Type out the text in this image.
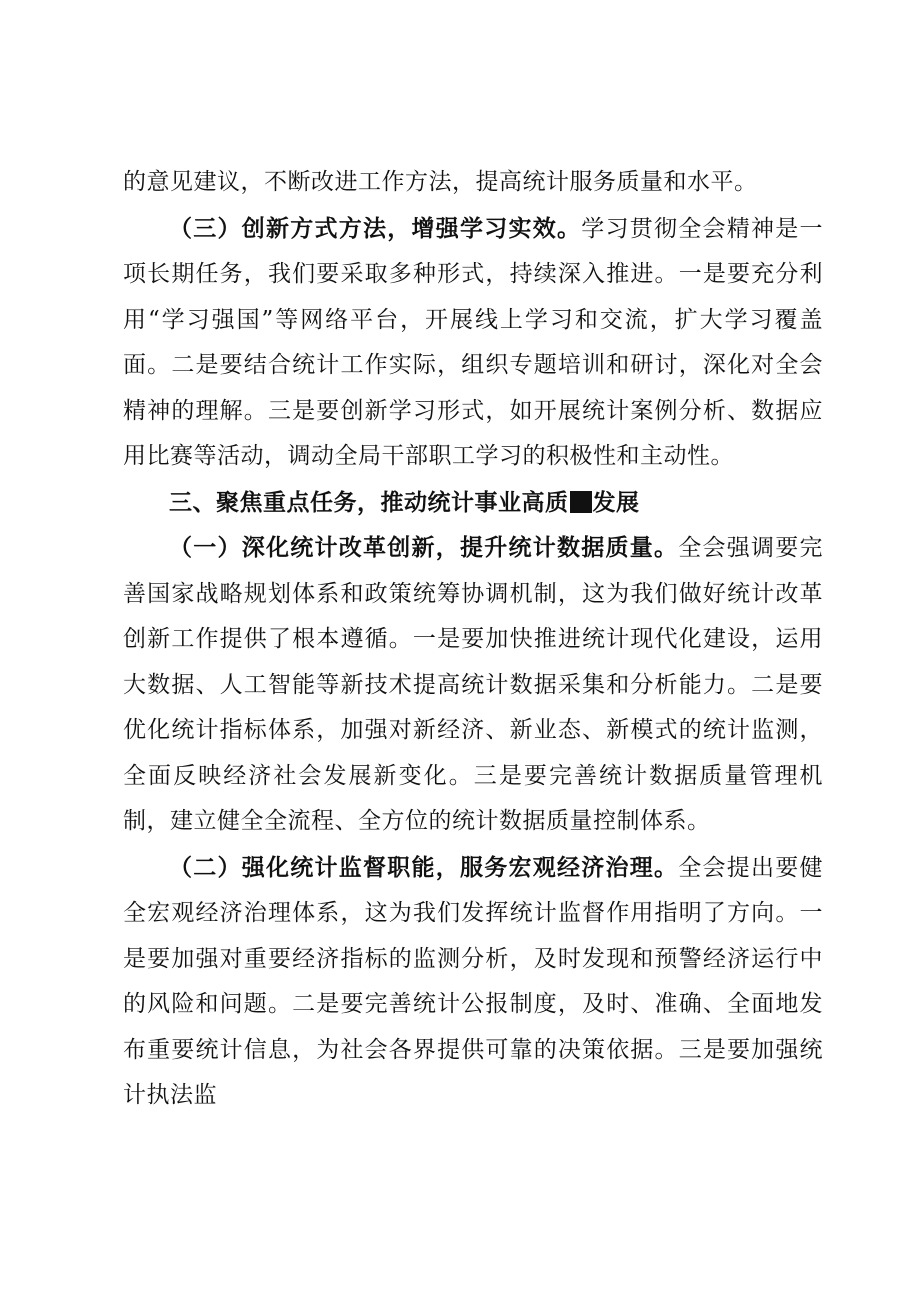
的意见建议，不断改进工作方法，提高统计服务质量和水平。

（三）创新方式方法，增强学习实效。学习贯彻全会精神是一项长期任务，我们要采取多种形式，持续深入推进。一是要充分利用“学习强国”等网络平台，开展线上学习和交流，扩大学习覆盖面。二是要结合统计工作实际，组织专题培训和研讨，深化对全会精神的理解。三是要创新学习形式，如开展统计案例分析、数据应用比赛等活动，调动全局干部职工学习的积极性和主动性。

三、聚焦重点任务，推动统计事业高质 发展

（一）深化统计改革创新，提升统计数据质量。全会强调要完善国家战略规划体系和政策统筹协调机制，这为我们做好统计改革创新工作提供了根本遵循。一是要加快推进统计现代化建设，运用大数据、人工智能等新技术提高统计数据采集和分析能力。二是要优化统计指标体系，加强对新经济、新业态、新模式的统计监测，全面反映经济社会发展新变化。三是要完善统计数据质量管理机制，建立健全全流程、全方位的统计数据质量控制体系。

（二）强化统计监督职能，服务宏观经济治理。全会提出要健全宏观经济治理体系，这为我们发挥统计监督作用指明了方向。一是要加强对重要经济指标的监测分析，及时发现和预警经济运行中的风险和问题。二是要完善统计公报制度，及时、准确、全面地发布重要统计信息，为社会各界提供可靠的决策依据。三是要加强统计执法监
